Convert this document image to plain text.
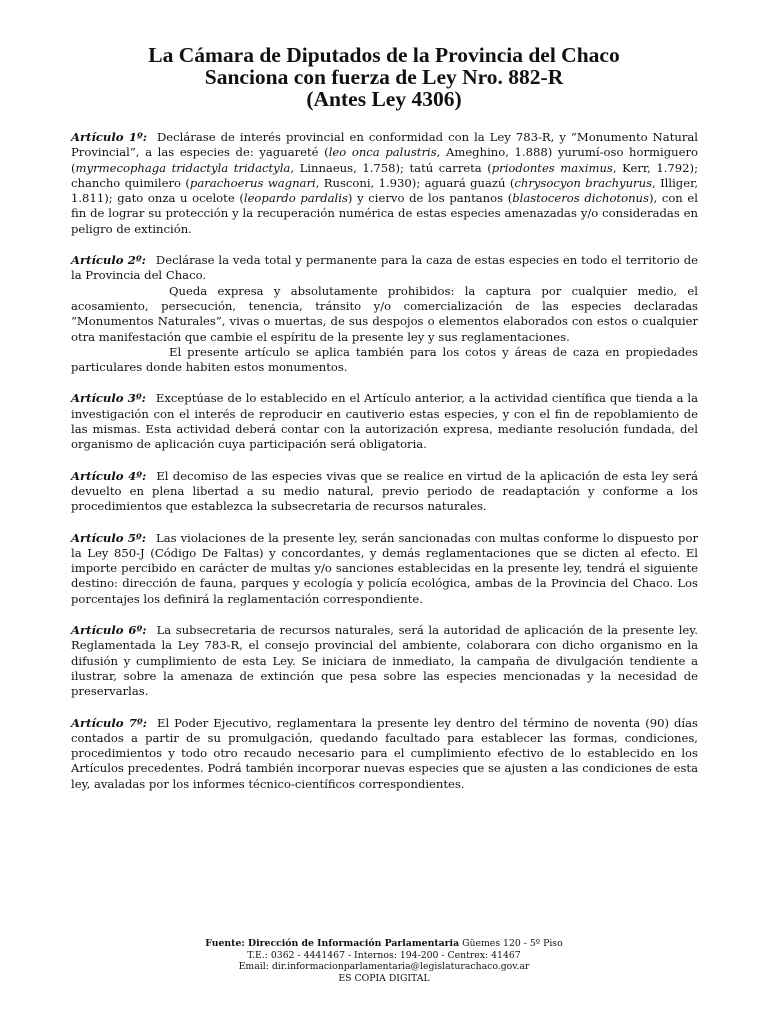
La Cámara de Diputados de la Provincia del Chaco
Sanciona con fuerza de Ley Nro. 882-R
(Antes Ley 4306)

Artículo 1º: Declárase de interés provincial en conformidad con la Ley 783-R, y “Monumento Natural Provincial”, a las especies de: yaguareté (leo onca palustris, Ameghino, 1.888) yurumí-oso hormiguero (myrmecophaga tridactyla tridactyla, Linnaeus, 1.758); tatú carreta (priodontes maximus, Kerr, 1.792); chancho quimilero (parachoerus wagnari, Rusconi, 1.930); aguará guazú (chrysocyon brachyurus, Illiger, 1.811); gato onza u ocelote (leopardo pardalis) y ciervo de los pantanos (blastoceros dichotonus), con el fin de lograr su protección y la recuperación numérica de estas especies amenazadas y/o consideradas en peligro de extinción.

Artículo 2º: Declárase la veda total y permanente para la caza de estas especies en todo el territorio de la Provincia del Chaco.

Queda expresa y absolutamente prohibidos: la captura por cualquier medio, el acosamiento, persecución, tenencia, tránsito y/o comercialización de las especies declaradas “Monumentos Naturales”, vivas o muertas, de sus despojos o elementos elaborados con estos o cualquier otra manifestación que cambie el espíritu de la presente ley y sus reglamentaciones.

El presente artículo se aplica también para los cotos y áreas de caza en propiedades particulares donde habiten estos monumentos.

Artículo 3º: Exceptúase de lo establecido en el Artículo anterior, a la actividad científica que tienda a la investigación con el interés de reproducir en cautiverio estas especies, y con el fin de repoblamiento de las mismas. Esta actividad deberá contar con la autorización expresa, mediante resolución fundada, del organismo de aplicación cuya participación será obligatoria.

Artículo 4º: El decomiso de las especies vivas que se realice en virtud de la aplicación de esta ley será devuelto en plena libertad a su medio natural, previo periodo de readaptación y conforme a los procedimientos que establezca la subsecretaria de recursos naturales.

Artículo 5º: Las violaciones de la presente ley, serán sancionadas con multas conforme lo dispuesto por la Ley 850-J (Código De Faltas) y concordantes, y demás reglamentaciones que se dicten al efecto. El importe percibido en carácter de multas y/o sanciones establecidas en la presente ley, tendrá el siguiente destino: dirección de fauna, parques y ecología y policía ecológica, ambas de la Provincia del Chaco. Los porcentajes los definirá la reglamentación correspondiente.

Artículo 6º: La subsecretaria de recursos naturales, será la autoridad de aplicación de la presente ley. Reglamentada la Ley 783-R, el consejo provincial del ambiente, colaborara con dicho organismo en la difusión y cumplimiento de esta Ley. Se iniciara de inmediato, la campaña de divulgación tendiente a ilustrar, sobre la amenaza de extinción que pesa sobre las especies mencionadas y la necesidad de preservarlas.

Artículo 7º: El Poder Ejecutivo, reglamentara la presente ley dentro del término de noventa (90) días contados a partir de su promulgación, quedando facultado para establecer las formas, condiciones, procedimientos y todo otro recaudo necesario para el cumplimiento efectivo de lo establecido en los Artículos precedentes. Podrá también incorporar nuevas especies que se ajusten a las condiciones de esta ley, avaladas por los informes técnico-científicos correspondientes.

Fuente: Dirección de Información Parlamentaria Güemes 120 - 5º Piso
T.E.: 0362 - 4441467 - Internos: 194-200 - Centrex: 41467
Email: dir.informacionparlamentaria@legislaturachaco.gov.ar
ES COPIA DIGITAL
